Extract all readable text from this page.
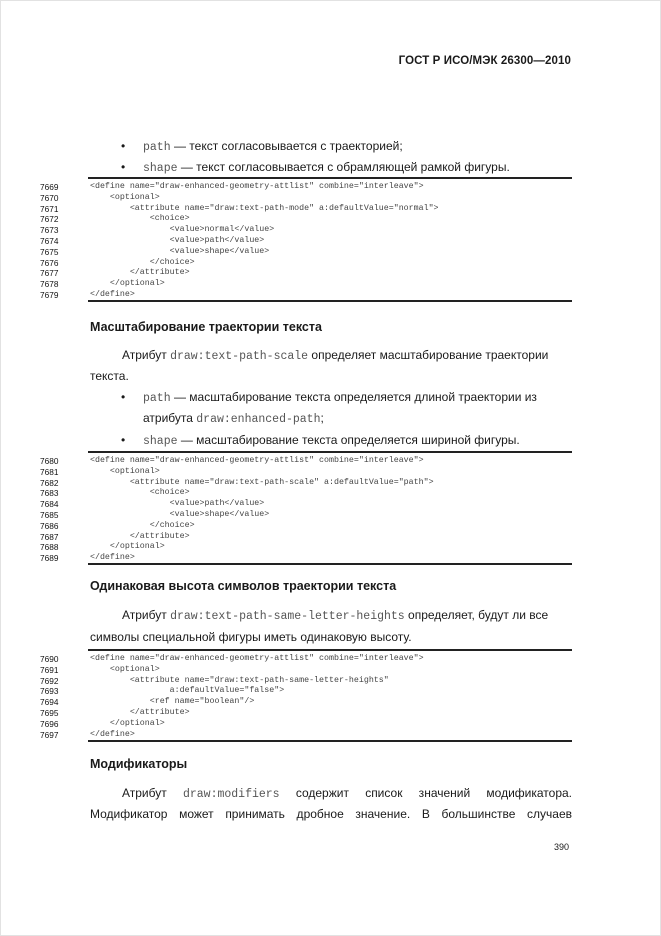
ГОСТ Р ИСО/МЭК 26300—2010
• path — текст согласовывается с траекторией;
• shape — текст согласовывается с обрамляющей рамкой фигуры.
7669	<define name="draw-enhanced-geometry-attlist" combine="interleave">
7670	<optional>
7671	<attribute name="draw:text-path-mode" a:defaultValue="normal">
7672	<choice>
7673	<value>normal</value>
7674	<value>path</value>
7675	<value>shape</value>
7676	</choice>
7677	</attribute>
7678	</optional>
7679	</define>
Масштабирование траектории текста
Атрибут draw:text-path-scale определяет масштабирование траектории
текста.
• path — масштабирование текста определяется длиной траектории из
атрибута draw:enhanced-path;
• shape — масштабирование текста определяется шириной фигуры.
7680	<define name="draw-enhanced-geometry-attlist" combine="interleave">
7681	<optional>
7682	<attribute name="draw:text-path-scale" a:defaultValue="path">
7683	<choice>
7684	<value>path</value>
7685	<value>shape</value>
7686	</choice>
7687	</attribute>
7688	</optional>
7689	</define>
Одинаковая высота символов траектории текста
Атрибут draw:text-path-same-letter-heights определяет, будут ли все
символы специальной фигуры иметь одинаковую высоту.
7690	<define name="draw-enhanced-geometry-attlist" combine="interleave">
7691	<optional>
7692	<attribute name="draw:text-path-same-letter-heights"
7693	a:defaultValue="false">
7694	<ref name="boolean"/>
7695	</attribute>
7696	</optional>
7697	</define>
Модификаторы
Атрибут draw:modifiers содержит список значений модификатора.
Модификатор может принимать дробное значение. В большинстве случаев
390
